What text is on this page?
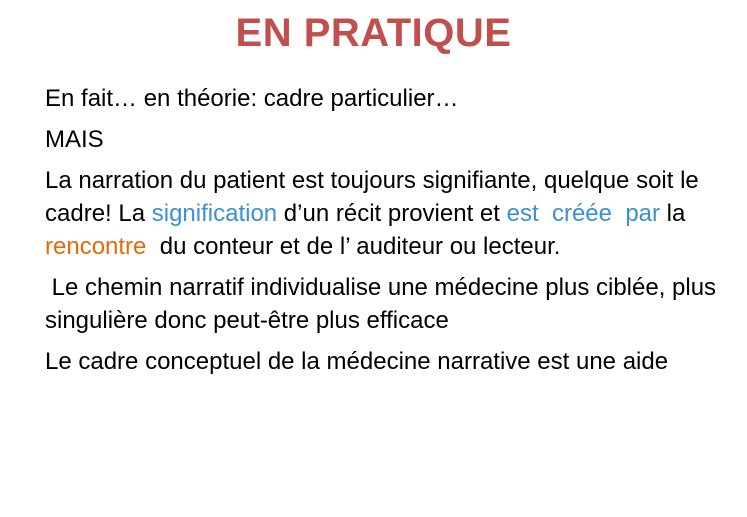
EN PRATIQUE
En fait… en théorie: cadre particulier…
MAIS
La narration du patient est toujours signifiante, quelque soit le cadre! La signification d’un récit provient et est  créée  par la rencontre  du conteur et de l’ auditeur ou lecteur.
Le chemin narratif individualise une médecine plus ciblée, plus singulière donc peut-être plus efficace
Le cadre conceptuel de la médecine narrative est une aide
